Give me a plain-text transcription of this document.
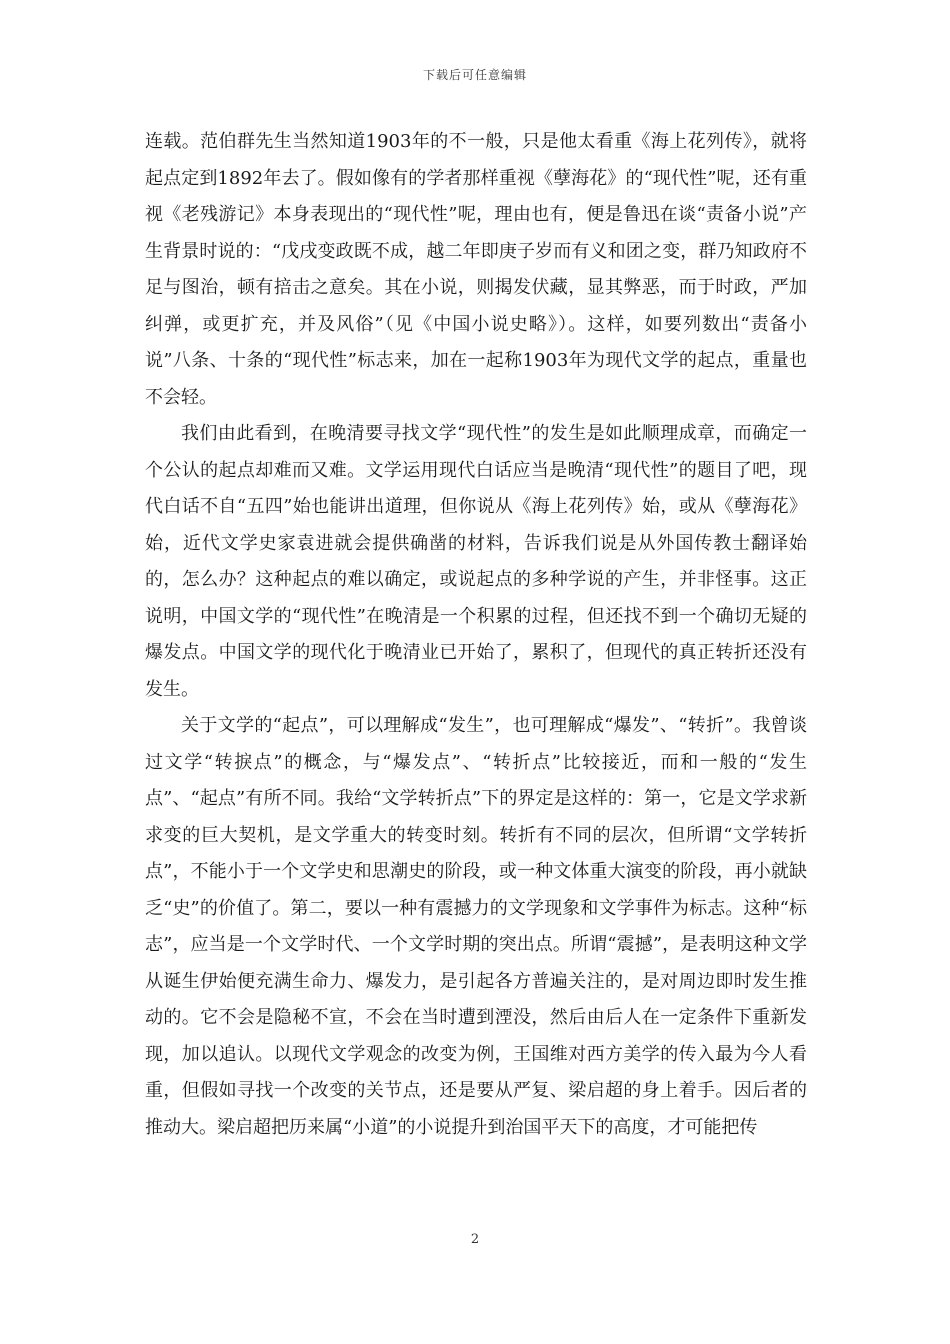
下载后可任意编辑

连载。范伯群先生当然知道1903年的不一般，只是他太看重《海上花列传》，就将起点定到1892年去了。假如像有的学者那样重视《孽海花》的“现代性”呢，还有重视《老残游记》本身表现出的“现代性”呢，理由也有，便是鲁迅在谈“责备小说”产生背景时说的：“戊戌变政既不成，越二年即庚子岁而有义和团之变，群乃知政府不足与图治，顿有掊击之意矣。其在小说，则揭发伏藏，显其弊恶，而于时政，严加纠弹，或更扩充，并及风俗”（见《中国小说史略》）。这样，如要列数出“责备小说”八条、十条的“现代性”标志来，加在一起称1903年为现代文学的起点，重量也不会轻。

我们由此看到，在晚清要寻找文学“现代性”的发生是如此顺理成章，而确定一个公认的起点却难而又难。文学运用现代白话应当是晚清“现代性”的题目了吧，现代白话不自“五四”始也能讲出道理，但你说从《海上花列传》始，或从《孽海花》始，近代文学史家袁进就会提供确凿的材料，告诉我们说是从外国传教士翻译始的，怎么办？这种起点的难以确定，或说起点的多种学说的产生，并非怪事。这正说明，中国文学的“现代性”在晚清是一个积累的过程，但还找不到一个确切无疑的爆发点。中国文学的现代化于晚清业已开始了，累积了，但现代的真正转折还没有发生。

关于文学的“起点”，可以理解成“发生”，也可理解成“爆发”、“转折”。我曾谈过文学“转捩点”的概念，与“爆发点”、“转折点”比较接近，而和一般的“发生点”、“起点”有所不同。我给“文学转折点”下的界定是这样的：第一，它是文学求新求变的巨大契机，是文学重大的转变时刻。转折有不同的层次，但所谓“文学转折点”，不能小于一个文学史和思潮史的阶段，或一种文体重大演变的阶段，再小就缺乏“史”的价值了。第二，要以一种有震撼力的文学现象和文学事件为标志。这种“标志”，应当是一个文学时代、一个文学时期的突出点。所谓“震撼”，是表明这种文学从诞生伊始便充满生命力、爆发力，是引起各方普遍关注的，是对周边即时发生推动的。它不会是隐秘不宣，不会在当时遭到湮没，然后由后人在一定条件下重新发现，加以追认。以现代文学观念的改变为例，王国维对西方美学的传入最为今人看重，但假如寻找一个改变的关节点，还是要从严复、梁启超的身上着手。因后者的推动大。梁启超把历来属“小道”的小说提升到治国平天下的高度，才可能把传

2
